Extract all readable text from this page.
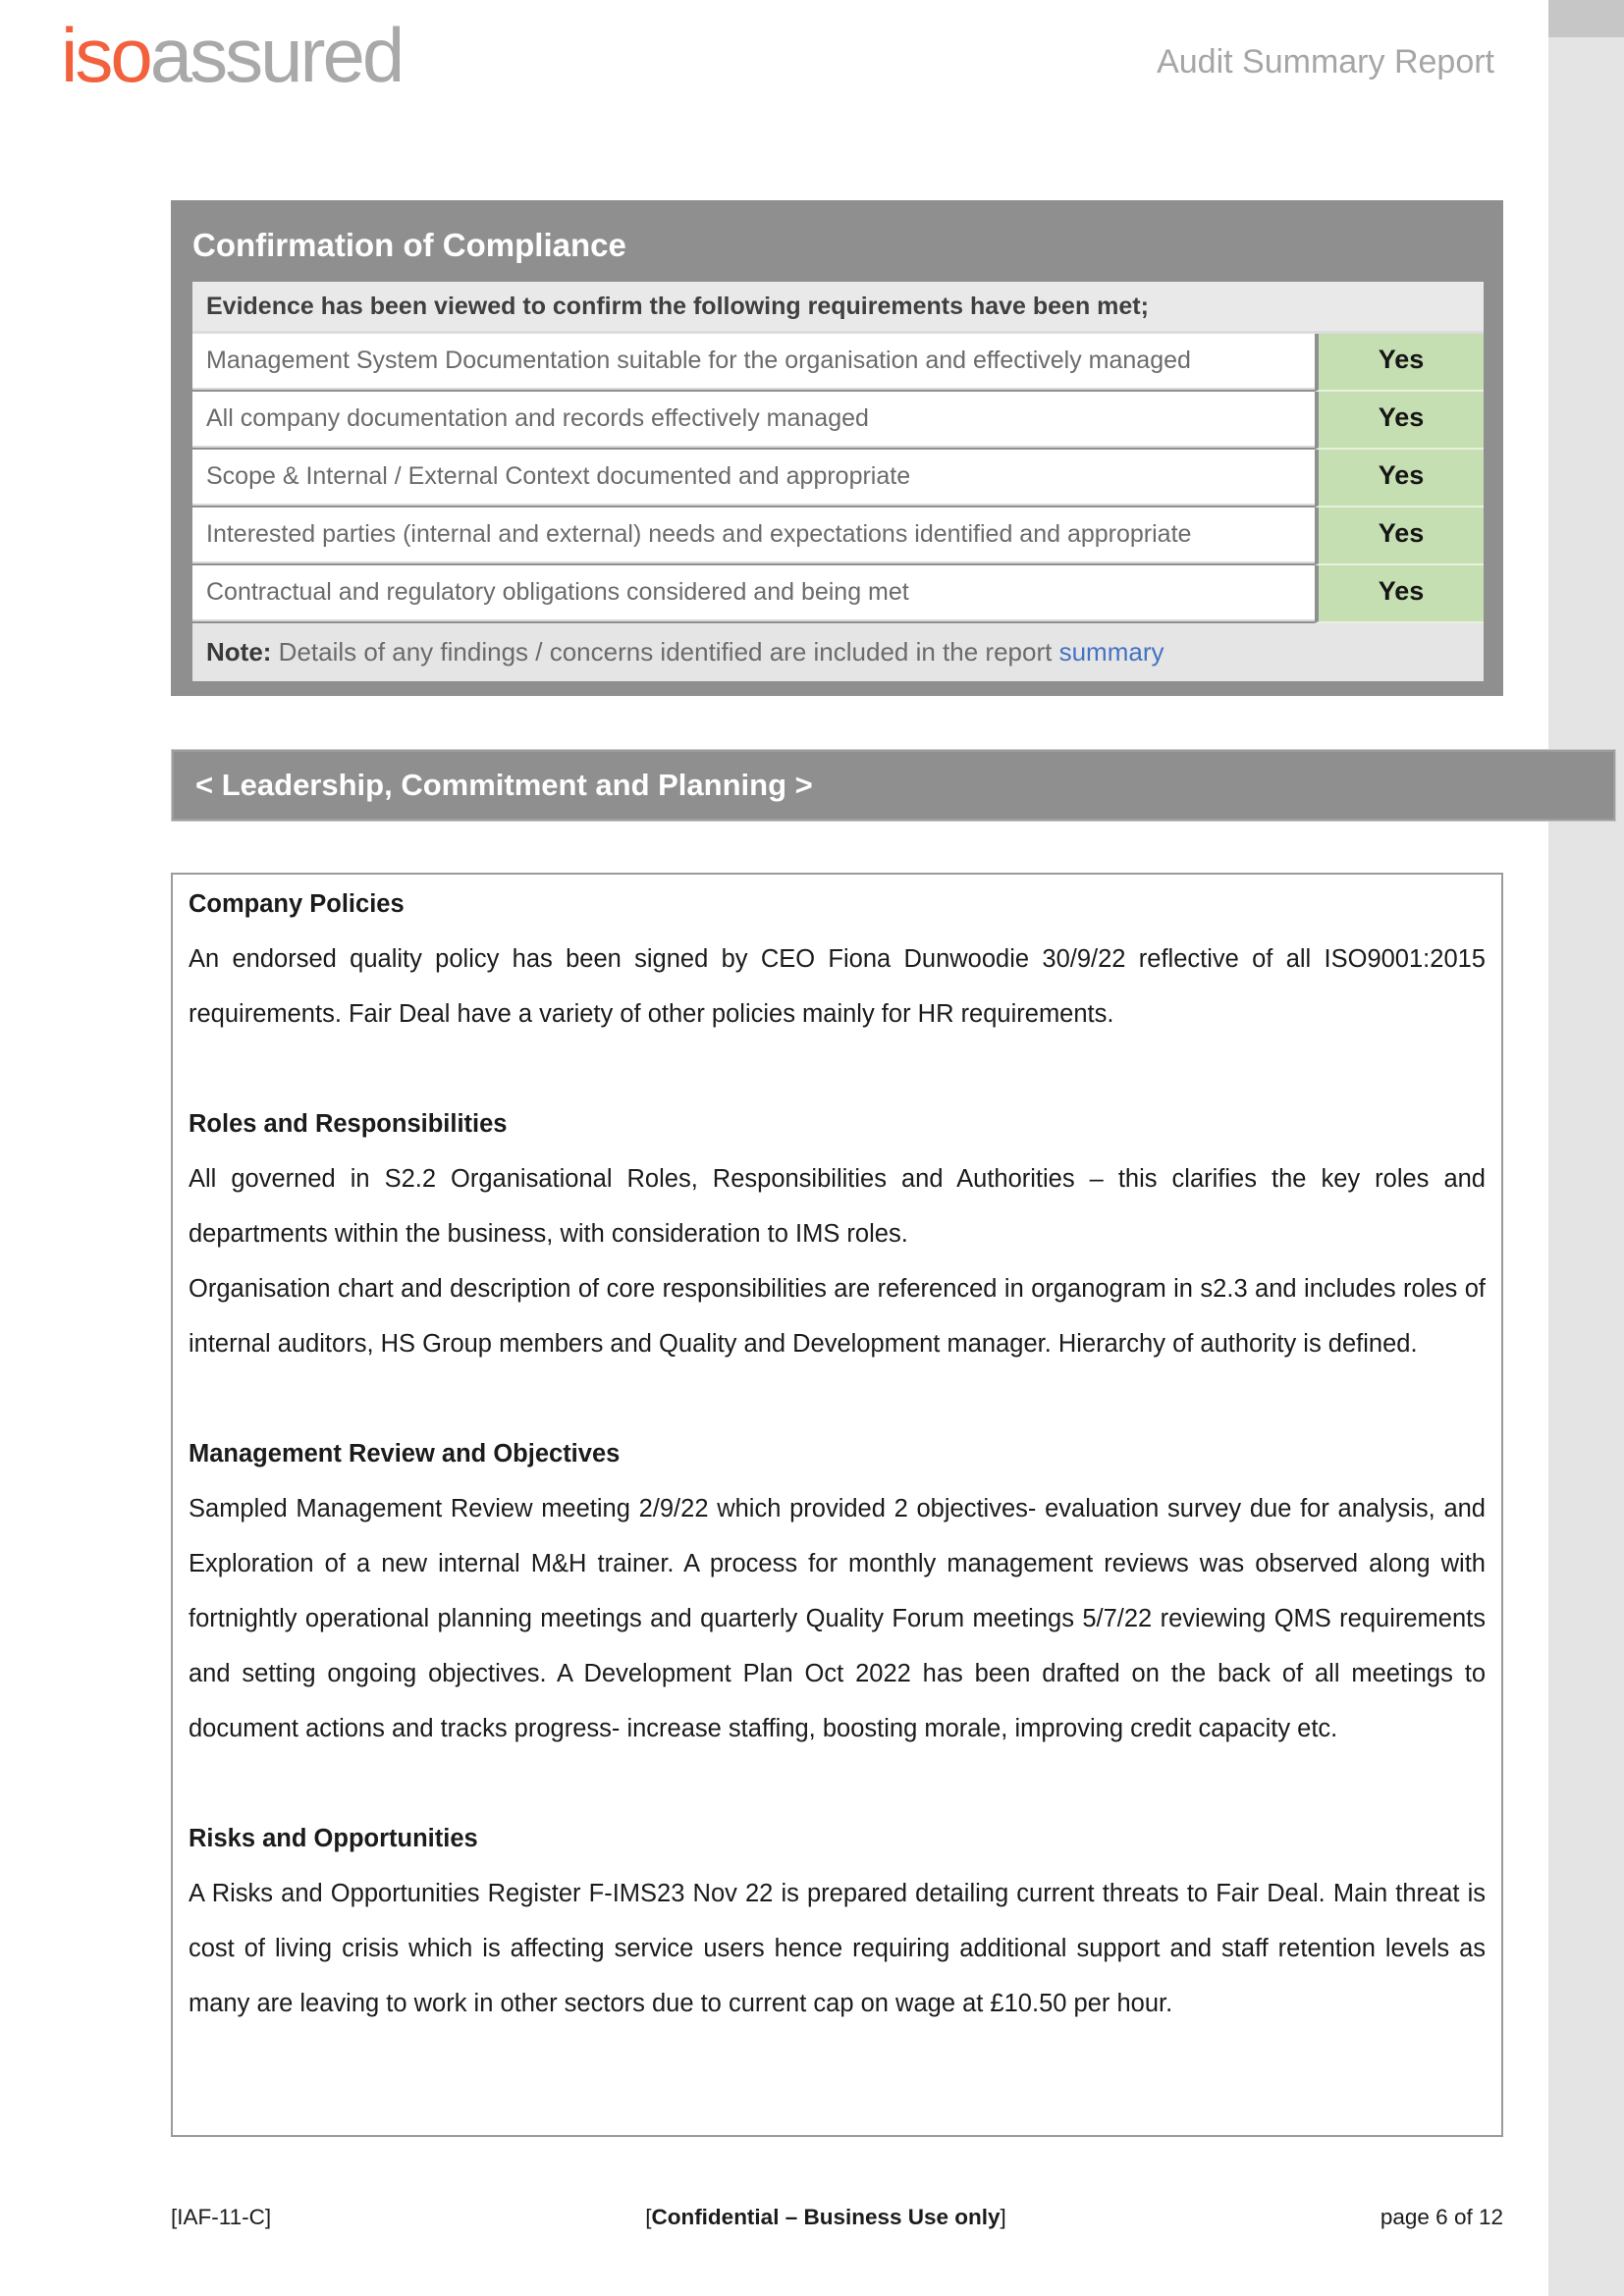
isoassured	Audit Summary Report
Confirmation of Compliance
Evidence has been viewed to confirm the following requirements have been met;
Management System Documentation suitable for the organisation and effectively managed	Yes
All company documentation and records effectively managed	Yes
Scope & Internal / External Context documented and appropriate	Yes
Interested parties (internal and external) needs and expectations identified and appropriate	Yes
Contractual and regulatory obligations considered and being met	Yes
Note: Details of any findings / concerns identified are included in the report summary
< Leadership, Commitment and Planning >
Company Policies

An endorsed quality policy has been signed by CEO Fiona Dunwoodie 30/9/22 reflective of all ISO9001:2015 requirements. Fair Deal have a variety of other policies mainly for HR requirements.

Roles and Responsibilities

All governed in S2.2 Organisational Roles, Responsibilities and Authorities – this clarifies the key roles and departments within the business, with consideration to IMS roles.

Organisation chart and description of core responsibilities are referenced in organogram in s2.3 and includes roles of internal auditors, HS Group members and Quality and Development manager. Hierarchy of authority is defined.

Management Review and Objectives

Sampled Management Review meeting 2/9/22 which provided 2 objectives- evaluation survey due for analysis, and Exploration of a new internal M&H trainer. A process for monthly management reviews was observed along with fortnightly operational planning meetings and quarterly Quality Forum meetings 5/7/22 reviewing QMS requirements and setting ongoing objectives. A Development Plan Oct 2022 has been drafted on the back of all meetings to document actions and tracks progress- increase staffing, boosting morale, improving credit capacity etc.

Risks and Opportunities

A Risks and Opportunities Register F-IMS23 Nov 22 is prepared detailing current threats to Fair Deal. Main threat is cost of living crisis which is affecting service users hence requiring additional support and staff retention levels as many are leaving to work in other sectors due to current cap on wage at £10.50 per hour.

[IAF-11-C]	[Confidential – Business Use only]	page 6 of 12
